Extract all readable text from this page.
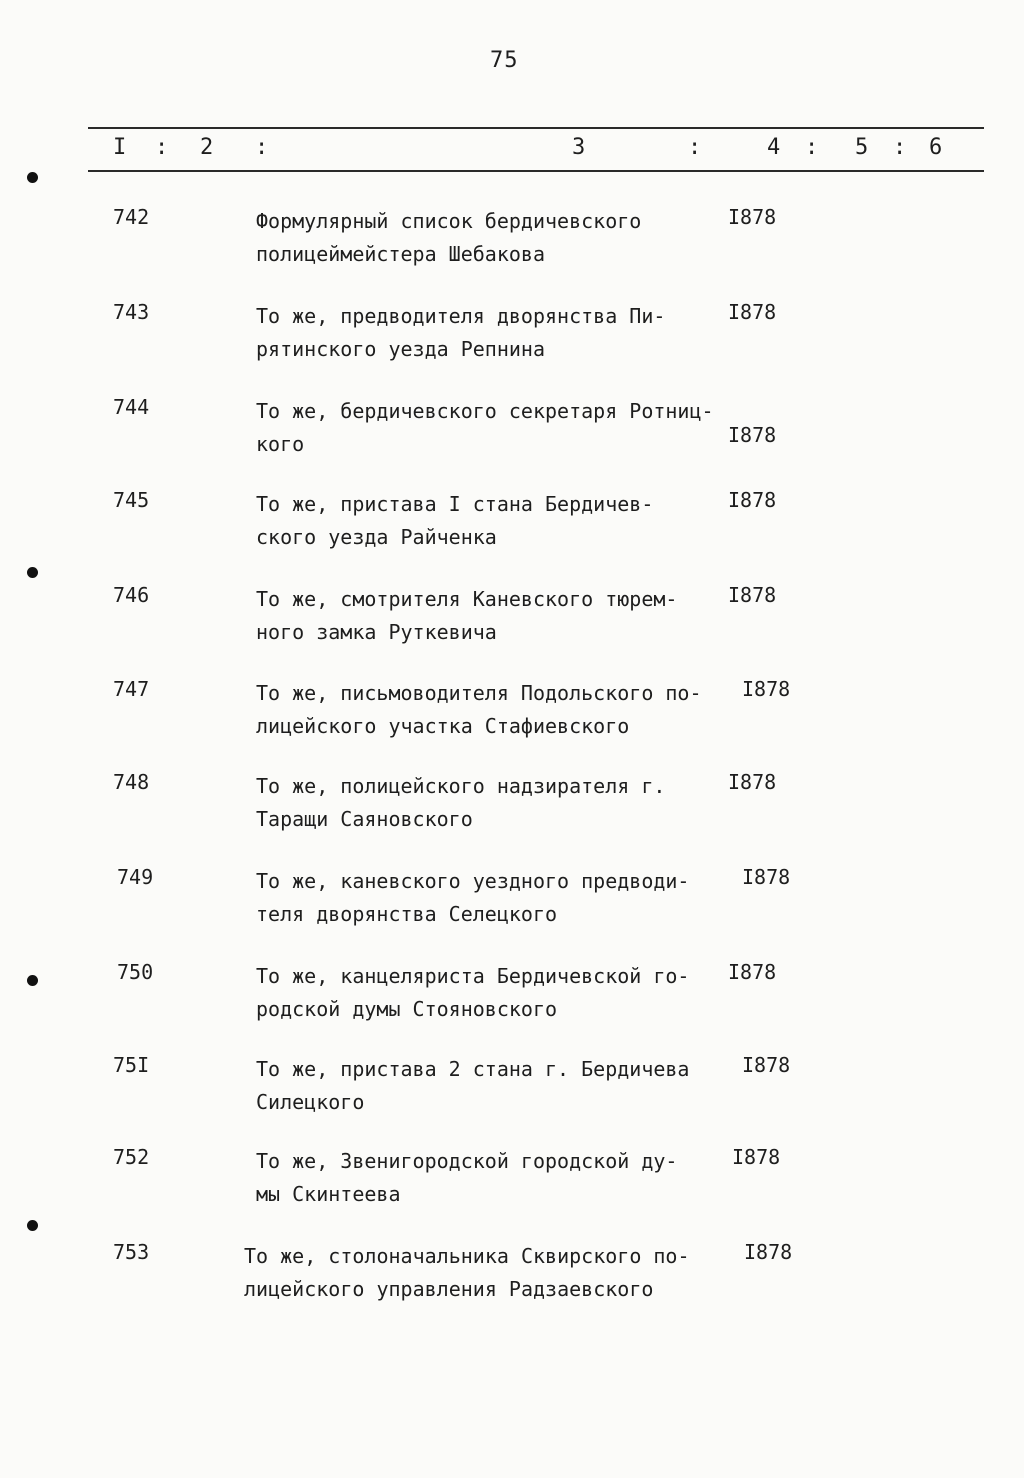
75
I : 2 :	3	:	4 : 5 : 6
742	Формулярный список бердичевского
полицеймейстера Шебакова
I878
743	То же, предводителя дворянства Пи-
рятинского уезда Репнина
I878
744	То же, бердичевского секретаря Ротниц-
кого	I878
745	То же, пристава I стана Бердичев-
ского уезда Райченка
I878
746	То же, смотрителя Каневского тюрем-
ного замка Руткевича
I878
747	То же, письмоводителя Подольского по-
лицейского участка Стафиевского
I878
748	То же, полицейского надзирателя г.
Таращи Саяновского
I878
749	То же, каневского уездного предводи-
теля дворянства Селецкого
I878
750	То же, канцеляриста Бердичевской го-
родской думы Стояновского
I878
75I	То же, пристава 2 стана г. Бердичева
Силецкого
I878
752	То же, Звенигородской городской ду-
мы Скинтеева
I878
753	То же, столоначальника Сквирского по-
лицейского управления Радзаевского
I878
